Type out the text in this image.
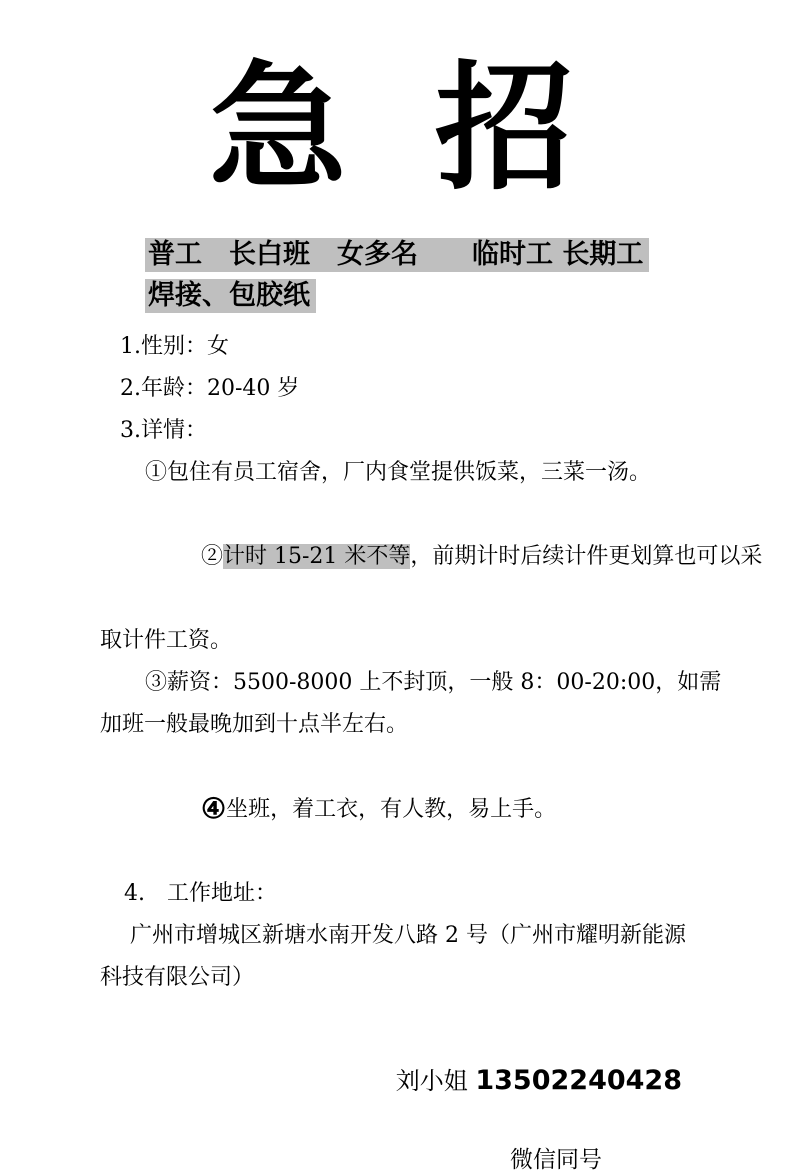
急 招
普工　长白班　女多名　　临时工 长期工
焊接、包胶纸
1.性别：女
2.年龄：20-40 岁
3.详情：
①包住有员工宿舍，厂内食堂提供饭菜，三菜一汤。

②计时 15-21 米不等，前期计时后续计件更划算也可以采

取计件工资。
③薪资：5500-8000 上不封顶，一般 8：00-20:00，如需
加班一般最晚加到十点半左右。

④坐班，着工衣，有人教，易上手。

4.　工作地址：
广州市增城区新塘水南开发八路 2 号（广州市耀明新能源
科技有限公司）

刘小姐 13502240428

微信同号
